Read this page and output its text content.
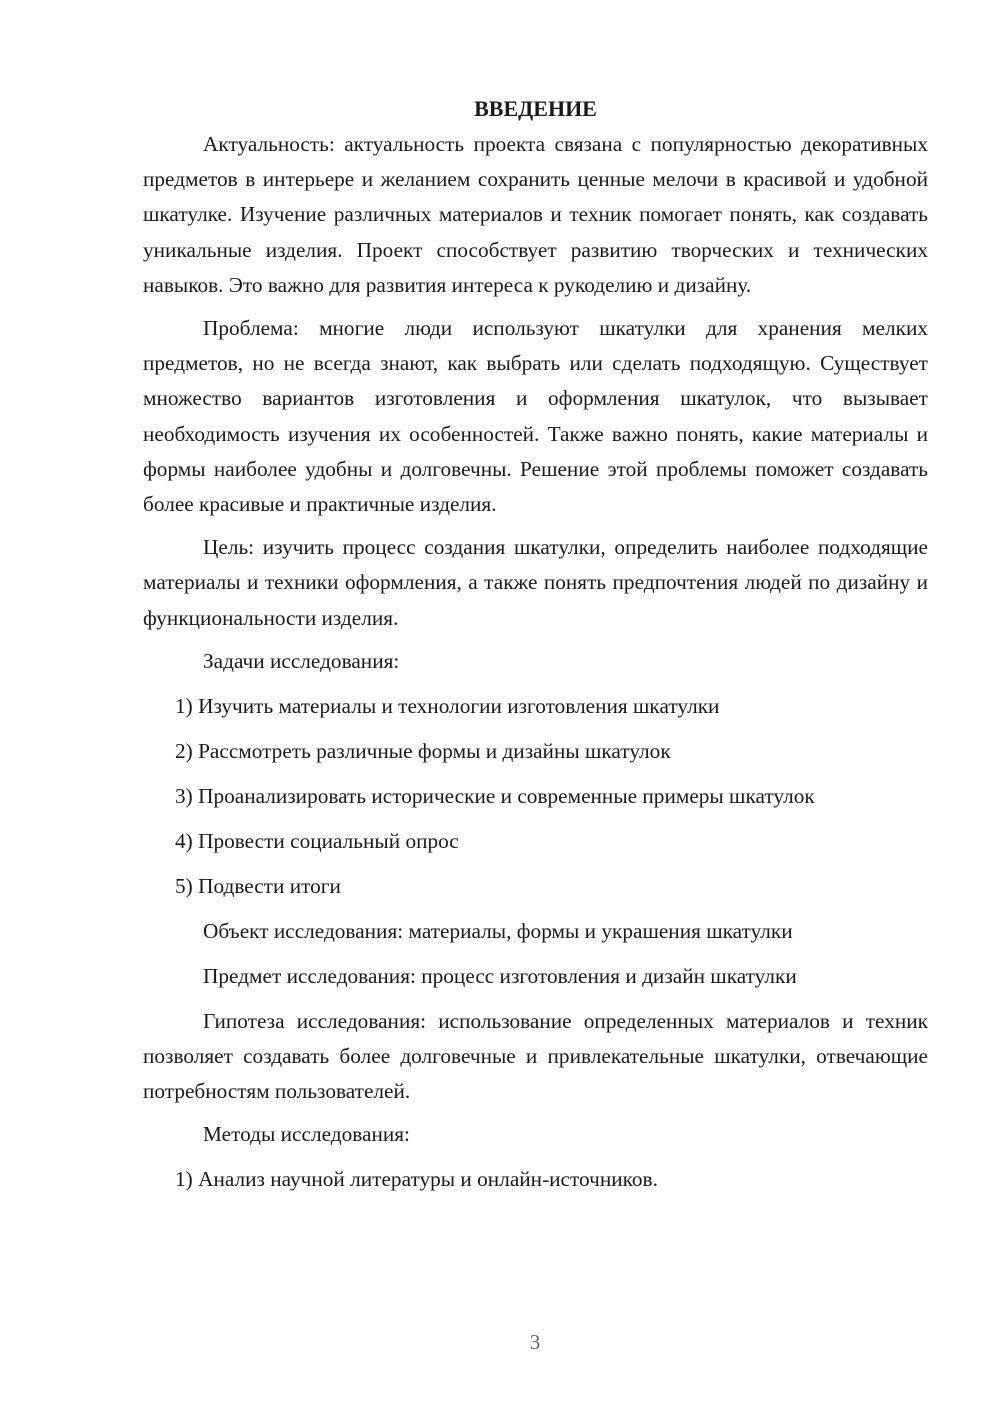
ВВЕДЕНИЕ

Актуальность: актуальность проекта связана с популярностью декоративных предметов в интерьере и желанием сохранить ценные мелочи в красивой и удобной шкатулке. Изучение различных материалов и техник помогает понять, как создавать уникальные изделия. Проект способствует развитию творческих и технических навыков. Это важно для развития интереса к рукоделию и дизайну.

Проблема: многие люди используют шкатулки для хранения мелких предметов, но не всегда знают, как выбрать или сделать подходящую. Существует множество вариантов изготовления и оформления шкатулок, что вызывает необходимость изучения их особенностей. Также важно понять, какие материалы и формы наиболее удобны и долговечны. Решение этой проблемы поможет создавать более красивые и практичные изделия.

Цель: изучить процесс создания шкатулки, определить наиболее подходящие материалы и техники оформления, а также понять предпочтения людей по дизайну и функциональности изделия.

Задачи исследования:

1) Изучить материалы и технологии изготовления шкатулки

2) Рассмотреть различные формы и дизайны шкатулок

3) Проанализировать исторические и современные примеры шкатулок

4) Провести социальный опрос

5) Подвести итоги

Объект исследования: материалы, формы и украшения шкатулки

Предмет исследования: процесс изготовления и дизайн шкатулки

Гипотеза исследования: использование определенных материалов и техник позволяет создавать более долговечные и привлекательные шкатулки, отвечающие потребностям пользователей.

Методы исследования:

1) Анализ научной литературы и онлайн-источников.

3
